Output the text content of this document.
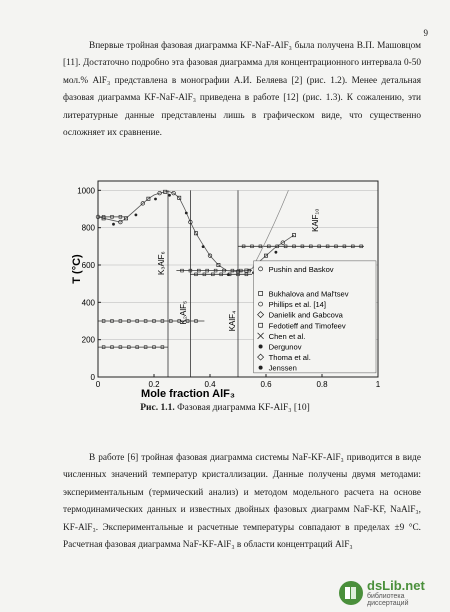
9

Впервые тройная фазовая диаграмма KF-NaF-AlF₃ была получена В.П. Машовцом [11]. Достаточно подробно эта фазовая диаграмма для концентрационного интервала 0-50 мол.% AlF₃ представлена в монографии А.И. Беляева [2] (рис. 1.2). Менее детальная фазовая диаграмма KF-NaF-AlF₃ приведена в работе [12] (рис. 1.3). К сожалению, эти литературные данные представлены лишь в графическом виде, что существенно осложняет их сравнение.

0	0.2	0.4	0.6	0.8	1
0
200
400
600
800
1000
Pushin and Baskov
Bukhalova and Mal'tsev
Phillips et al. [14]
Danielik and Gabcova
Fedotieff and Timofeev
Chen et al.
Dergunov
Thoma et al.
Jenssen
K₃AlF₆
K₂AlF₅	KAlF₄
KAlF₁₀
Mole fraction AlF₃
T (°C)
Рис. 1.1. Фазовая диаграмма KF-AlF₃ [10]

В работе [6] тройная фазовая диаграмма системы NaF-KF-AlF₃ приводится в виде численных значений температур кристаллизации. Данные получены двумя методами: экспериментальным (термический анализ) и методом модельного расчета на основе термодинамических данных и известных двойных фазовых диаграмм NaF-KF, NaAlF₃, KF-AlF₃. Экспериментальные и расчетные температуры совпадают в пределах ±9 °С. Расчетная фазовая диаграмма NaF-KF-AlF₃ в области концентраций AlF₃

dsLib.net
библиотека диссертаций
